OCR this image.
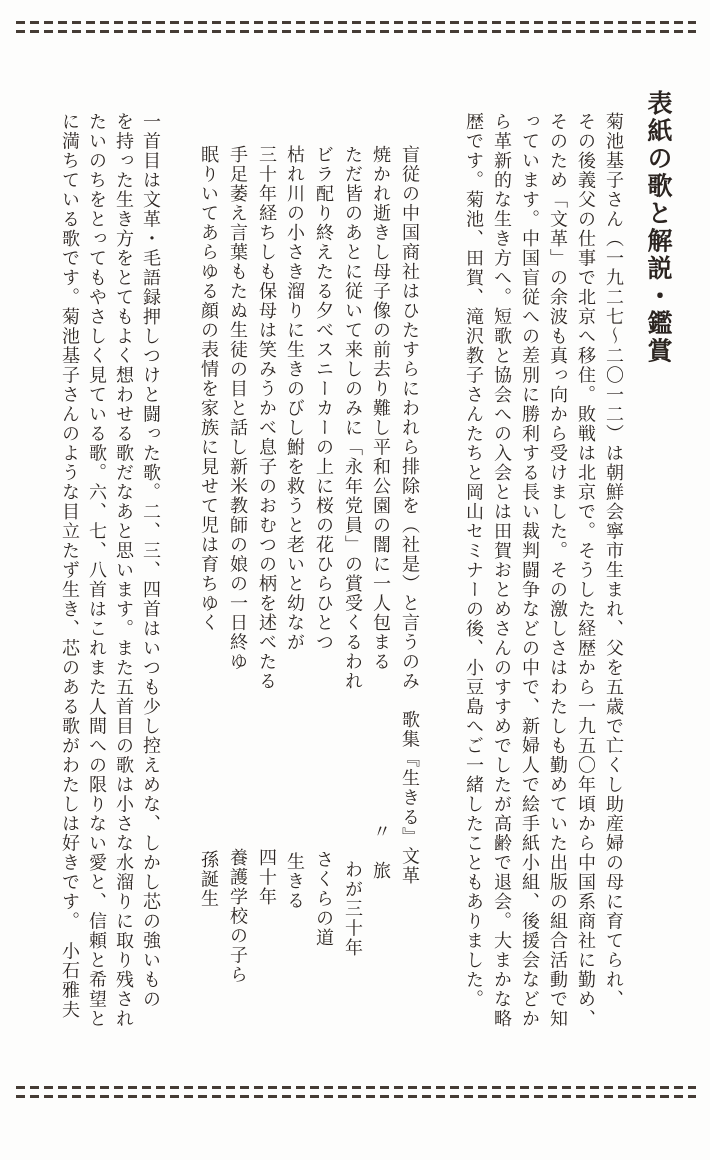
表紙の歌と解説・鑑賞
菊池基子さん（一九二七〜二〇一二）は朝鮮会寧市生まれ、父を五歳で亡くし助産婦の母に育てられ、
その後義父の仕事で北京へ移住。敗戦は北京で。そうした経歴から一九五〇年頃から中国系商社に勤め、
そのため「文革」の余波も真っ向から受けました。その激しさはわたしも勤めていた出版の組合活動で知
っています。中国盲従への差別に勝利する長い裁判闘争などの中で、新婦人で絵手紙小組、後援会などか
ら革新的な生き方へ。短歌と協会への入会とは田賀おとめさんのすすめでしたが高齢で退会。大まかな略
歴です。菊池、田賀、滝沢教子さんたちと岡山セミナーの後、小豆島へご一緒したこともありました。
盲従の中国商社はひたすらにわれら排除を（社是）と言うのみ
歌集『生きる』文革
焼かれ逝きし母子像の前去り難し平和公園の闇に一人包まる
〃　旅
ただ皆のあとに従いて来しのみに「永年党員」の賞受くるわれ
わが三十年
ビラ配り終えたる夕べスニーカーの上に桜の花ひらひとつ
さくらの道
枯れ川の小さき溜りに生きのびし鮒を救うと老いと幼なが
生きる
三十年経ちしも保母は笑みうかべ息子のおむつの柄を述べたる
四十年
手足萎え言葉もたぬ生徒の目と話し新米教師の娘の一日終ゆ
養護学校の子ら
眠りいてあらゆる顔の表情を家族に見せて児は育ちゆく
孫誕生
一首目は文革・毛語録押しつけと闘った歌。二、三、四首はいつも少し控えめな、しかし芯の強いもの
を持った生き方をとてもよく想わせる歌だなあと思います。また五首目の歌は小さな水溜りに取り残され
たいのちをとってもやさしく見ている歌。六、七、八首はこれまた人間への限りない愛と、信頼と希望と
に満ちている歌です。菊池基子さんのような目立たず生き、芯のある歌がわたしは好きです。　小石雅夫
